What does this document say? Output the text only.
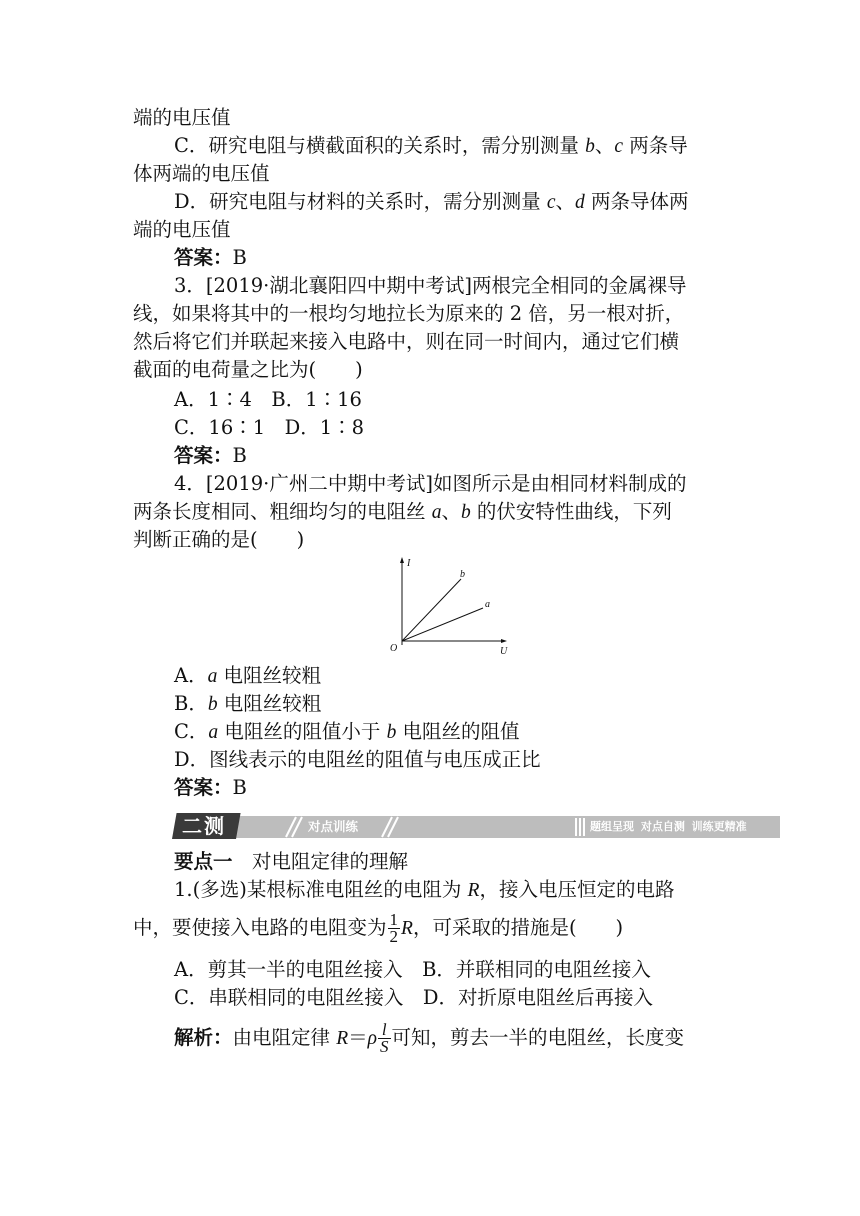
端的电压值
C．研究电阻与横截面积的关系时，需分别测量 b、c 两条导
体两端的电压值
D．研究电阻与材料的关系时，需分别测量 c、d 两条导体两
端的电压值
答案：B
3．[2019·湖北襄阳四中期中考试]两根完全相同的金属裸导
线，如果将其中的一根均匀地拉长为原来的 2 倍，另一根对折，
然后将它们并联起来接入电路中，则在同一时间内，通过它们横
截面的电荷量之比为(　　)
A．1∶4　B．1∶16
C．16∶1　D．1∶8
答案：B
4．[2019·广州二中期中考试]如图所示是由相同材料制成的
两条长度相同、粗细均匀的电阻丝 a、b 的伏安特性曲线，下列
判断正确的是(　　)
I
U
O
b
a
A．a 电阻丝较粗
B．b 电阻丝较粗
C．a 电阻丝的阻值小于 b 电阻丝的阻值
D．图线表示的电阻丝的阻值与电压成正比
答案：B
二测	对点训练	题组呈现 对点自测 训练更精准
要点一  对电阻定律的理解
1.(多选)某根标准电阻丝的电阻为 R，接入电压恒定的电路
中，要使接入电路的电阻变为 $\frac{1}{2}$ R，可采取的措施是(　　)
A．剪其一半的电阻丝接入　B．并联相同的电阻丝接入
C．串联相同的电阻丝接入　D．对折原电阻丝后再接入
解析：由电阻定律 $R=\rho \frac{l}{S}$ 可知，剪去一半的电阻丝，长度变
